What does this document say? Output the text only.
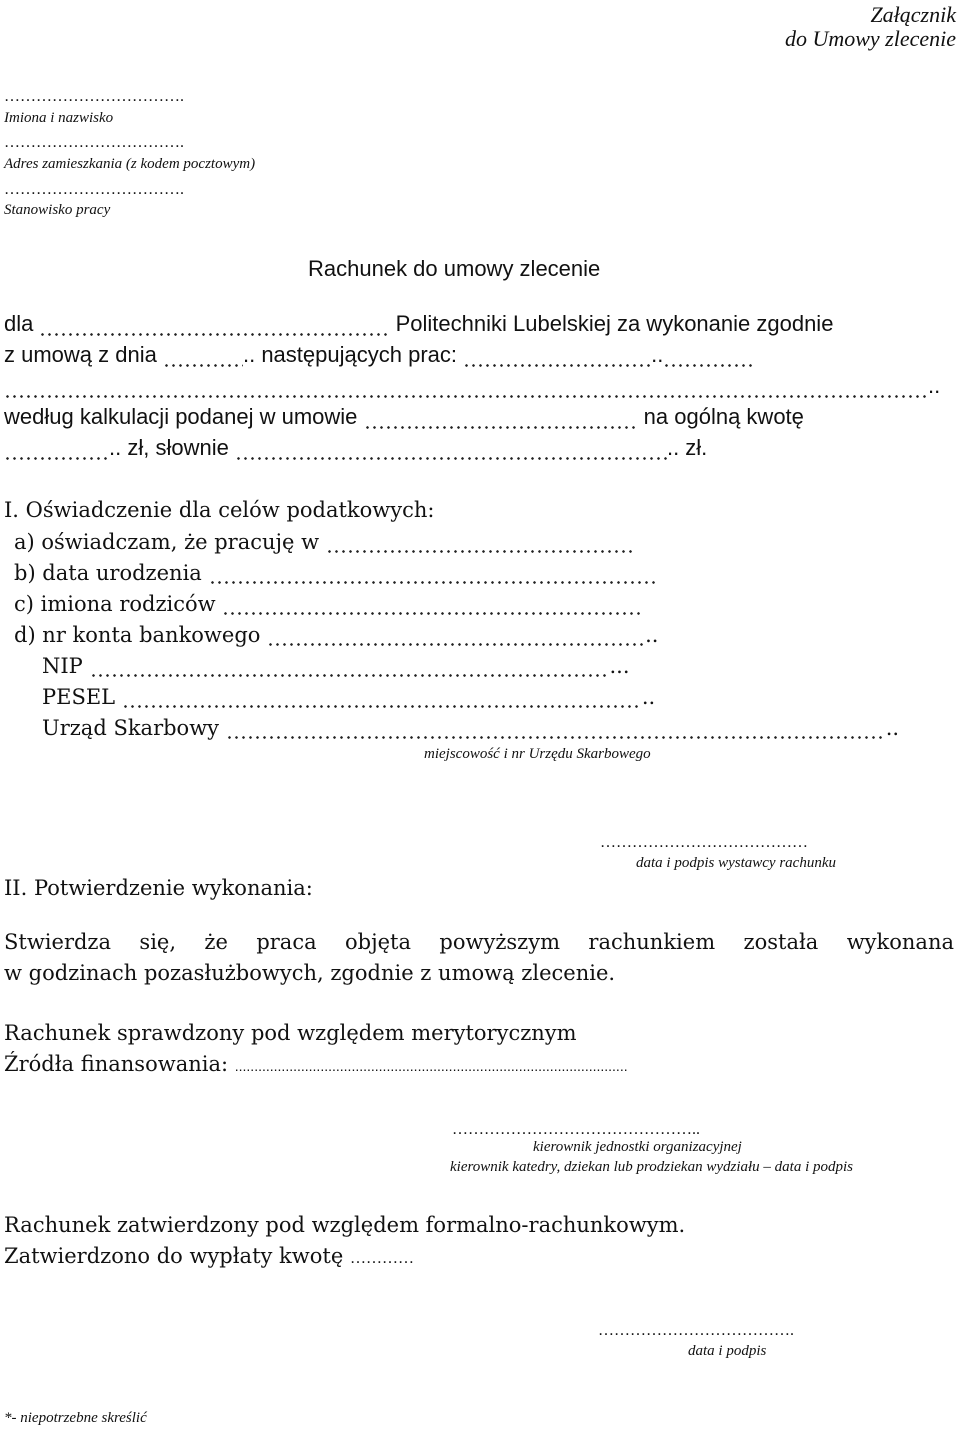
Załącznik
do Umowy zlecenie
…………………………….
Imiona i nazwisko
…………………………….
Adres zamieszkania (z kodem pocztowym)
…………………………….
Stanowisko pracy
Rachunek do umowy zlecenie
dla	Politechniki Lubelskiej za wykonanie zgodnie
z umową z dnia	.. następujących prac:	..
..
według kalkulacji podanej w umowie	na ogólną kwotę
.. zł, słownie	.. zł.
I. Oświadczenie dla celów podatkowych:
a) oświadczam, że pracuję w
b) data urodzenia
c) imiona rodziców
d) nr konta bankowego	..
NIP	...
PESEL	..
Urząd Skarbowy	..
miejscowość i nr Urzędu Skarbowego
…………………………………
data i podpis wystawcy rachunku
II. Potwierdzenie wykonania:
Stwierdza się, że praca objęta powyższym rachunkiem została wykonana
w godzinach pozasłużbowych, zgodnie z umową zlecenie.
Rachunek sprawdzony pod względem merytorycznym
Źródła finansowania: .....................................................................................................
………………………………………..
kierownik jednostki organizacyjnej
kierownik katedry, dziekan lub prodziekan wydziału – data i podpis
Rachunek zatwierdzony pod względem formalno-rachunkowym.
Zatwierdzono do wypłaty kwotę …………
……………………………….
data i podpis
*- niepotrzebne skreślić
